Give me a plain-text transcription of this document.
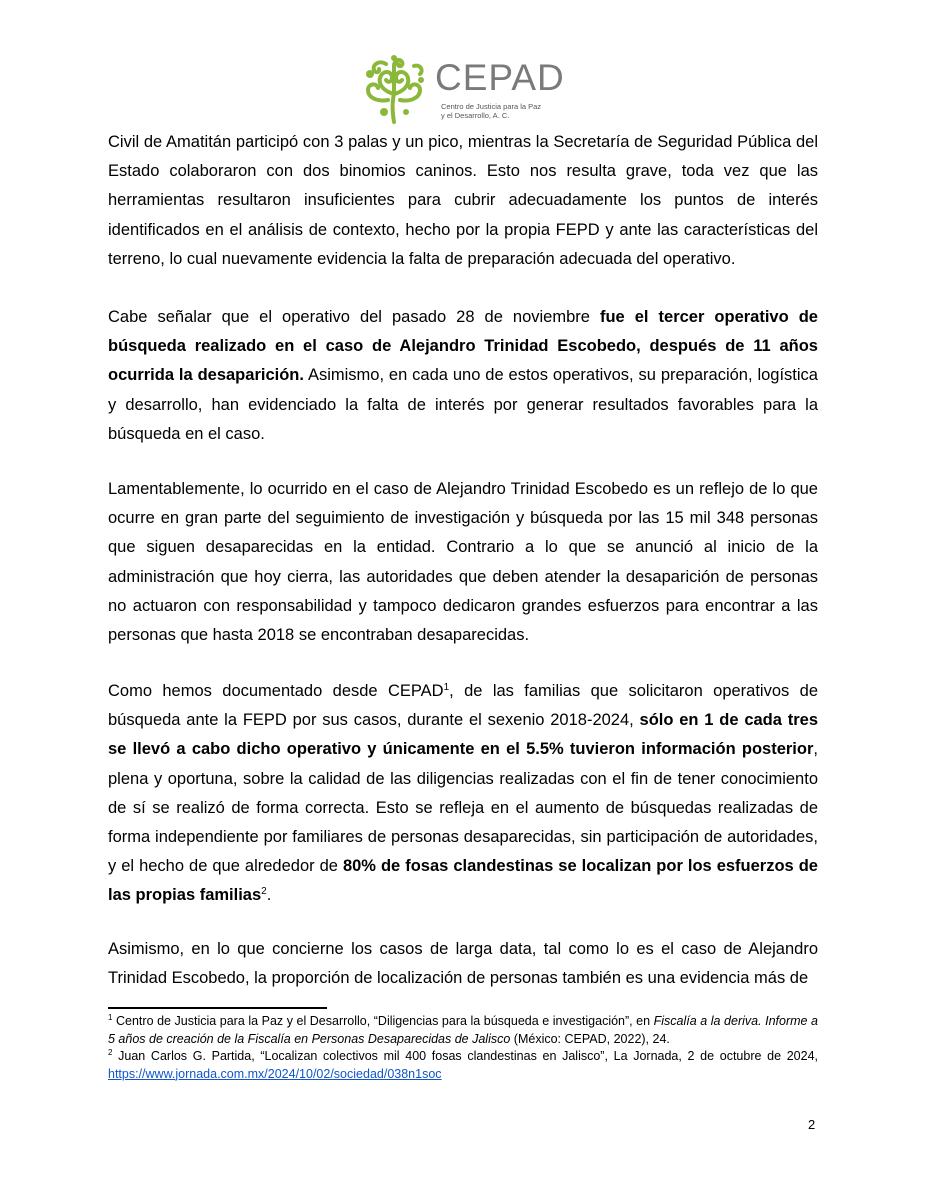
CEPAD
Centro de Justicia para la Paz
y el Desarrollo, A. C.

Civil de Amatitán participó con 3 palas y un pico, mientras la Secretaría de Seguridad Pública del Estado colaboraron con dos binomios caninos. Esto nos resulta grave, toda vez que las herramientas resultaron insuficientes para cubrir adecuadamente los puntos de interés identificados en el análisis de contexto, hecho por la propia FEPD y ante las características del terreno, lo cual nuevamente evidencia la falta de preparación adecuada del operativo.

Cabe señalar que el operativo del pasado 28 de noviembre fue el tercer operativo de búsqueda realizado en el caso de Alejandro Trinidad Escobedo, después de 11 años ocurrida la desaparición. Asimismo, en cada uno de estos operativos, su preparación, logística y desarrollo, han evidenciado la falta de interés por generar resultados favorables para la búsqueda en el caso.

Lamentablemente, lo ocurrido en el caso de Alejandro Trinidad Escobedo es un reflejo de lo que ocurre en gran parte del seguimiento de investigación y búsqueda por las 15 mil 348 personas que siguen desaparecidas en la entidad. Contrario a lo que se anunció al inicio de la administración que hoy cierra, las autoridades que deben atender la desaparición de personas no actuaron con responsabilidad y tampoco dedicaron grandes esfuerzos para encontrar a las personas que hasta 2018 se encontraban desaparecidas.

Como hemos documentado desde CEPAD$^1$, de las familias que solicitaron operativos de búsqueda ante la FEPD por sus casos, durante el sexenio 2018-2024, sólo en 1 de cada tres se llevó a cabo dicho operativo y únicamente en el 5.5% tuvieron información posterior, plena y oportuna, sobre la calidad de las diligencias realizadas con el fin de tener conocimiento de sí se realizó de forma correcta. Esto se refleja en el aumento de búsquedas realizadas de forma independiente por familiares de personas desaparecidas, sin participación de autoridades, y el hecho de que alrededor de 80% de fosas clandestinas se localizan por los esfuerzos de las propias familias$^2$.

Asimismo, en lo que concierne los casos de larga data, tal como lo es el caso de Alejandro Trinidad Escobedo, la proporción de localización de personas también es una evidencia más de

$^1$ Centro de Justicia para la Paz y el Desarrollo, “Diligencias para la búsqueda e investigación”, en Fiscalía a la deriva. Informe a 5 años de creación de la Fiscalía en Personas Desaparecidas de Jalisco (México: CEPAD, 2022), 24.

$^2$ Juan Carlos G. Partida, “Localizan colectivos mil 400 fosas clandestinas en Jalisco”, La Jornada, 2 de octubre de 2024, https://www.jornada.com.mx/2024/10/02/sociedad/038n1soc

2
